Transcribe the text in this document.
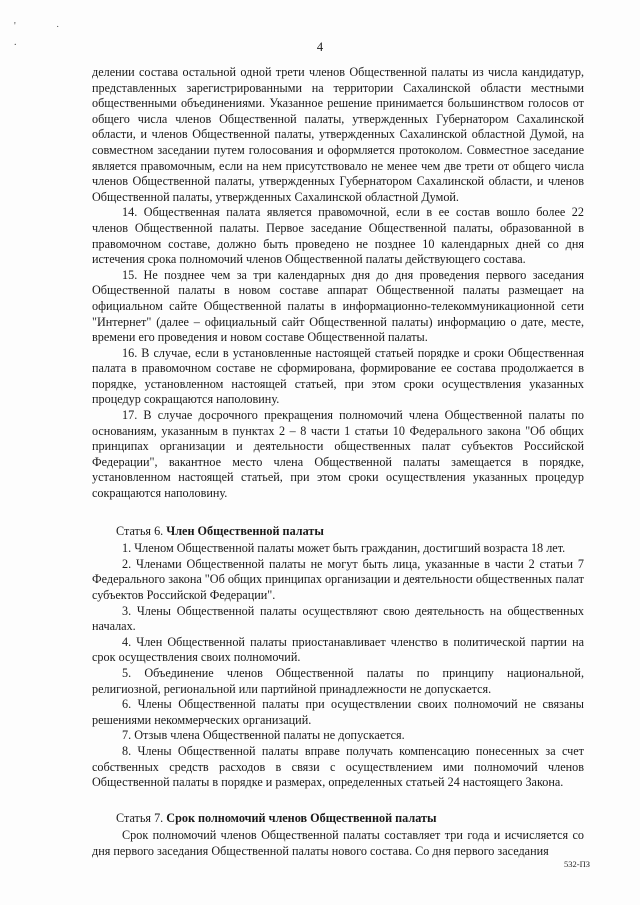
'
.
˙
4

делении состава остальной одной трети членов Общественной палаты из числа кандидатур, представленных зарегистрированными на территории Сахалинской области местными общественными объединениями. Указанное решение принимается большинством голосов от общего числа членов Общественной палаты, утвержденных Губернатором Сахалинской области, и членов Общественной палаты, утвержденных Сахалинской областной Думой, на совместном заседании путем голосования и оформляется протоколом. Совместное заседание является правомочным, если на нем присутствовало не менее чем две трети от общего числа членов Общественной палаты, утвержденных Губернатором Сахалинской области, и членов Общественной палаты, утвержденных Сахалинской областной Думой.

14. Общественная палата является правомочной, если в ее состав вошло более 22 членов Общественной палаты. Первое заседание Общественной палаты, образованной в правомочном составе, должно быть проведено не позднее 10 календарных дней со дня истечения срока полномочий членов Общественной палаты действующего состава.

15. Не позднее чем за три календарных дня до дня проведения первого заседания Общественной палаты в новом составе аппарат Общественной палаты размещает на официальном сайте Общественной палаты в информационно-телекоммуникационной сети "Интернет" (далее – официальный сайт Общественной палаты) информацию о дате, месте, времени его проведения и новом составе Общественной палаты.

16. В случае, если в установленные настоящей статьей порядке и сроки Общественная палата в правомочном составе не сформирована, формирование ее состава продолжается в порядке, установленном настоящей статьей, при этом сроки осуществления указанных процедур сокращаются наполовину.

17. В случае досрочного прекращения полномочий члена Общественной палаты по основаниям, указанным в пунктах 2 – 8 части 1 статьи 10 Федерального закона "Об общих принципах организации и деятельности общественных палат субъектов Российской Федерации", вакантное место члена Общественной палаты замещается в порядке, установленном настоящей статьей, при этом сроки осуществления указанных процедур сокращаются наполовину.

Статья 6. Член Общественной палаты

1. Членом Общественной палаты может быть гражданин, достигший возраста 18 лет.

2. Членами Общественной палаты не могут быть лица, указанные в части 2 статьи 7 Федерального закона "Об общих принципах организации и деятельности общественных палат субъектов Российской Федерации".

3. Члены Общественной палаты осуществляют свою деятельность на общественных началах.

4. Член Общественной палаты приостанавливает членство в политической партии на срок осуществления своих полномочий.

5. Объединение членов Общественной палаты по принципу национальной, религиозной, региональной или партийной принадлежности не допускается.

6. Члены Общественной палаты при осуществлении своих полномочий не связаны решениями некоммерческих организаций.

7. Отзыв члена Общественной палаты не допускается.

8. Члены Общественной палаты вправе получать компенсацию понесенных за счет собственных средств расходов в связи с осуществлением ими полномочий членов Общественной палаты в порядке и размерах, определенных статьей 24 настоящего Закона.

Статья 7. Срок полномочий членов Общественной палаты

Срок полномочий членов Общественной палаты составляет три года и исчисляется со дня первого заседания Общественной палаты нового состава. Со дня первого заседания

532-ПЗ
